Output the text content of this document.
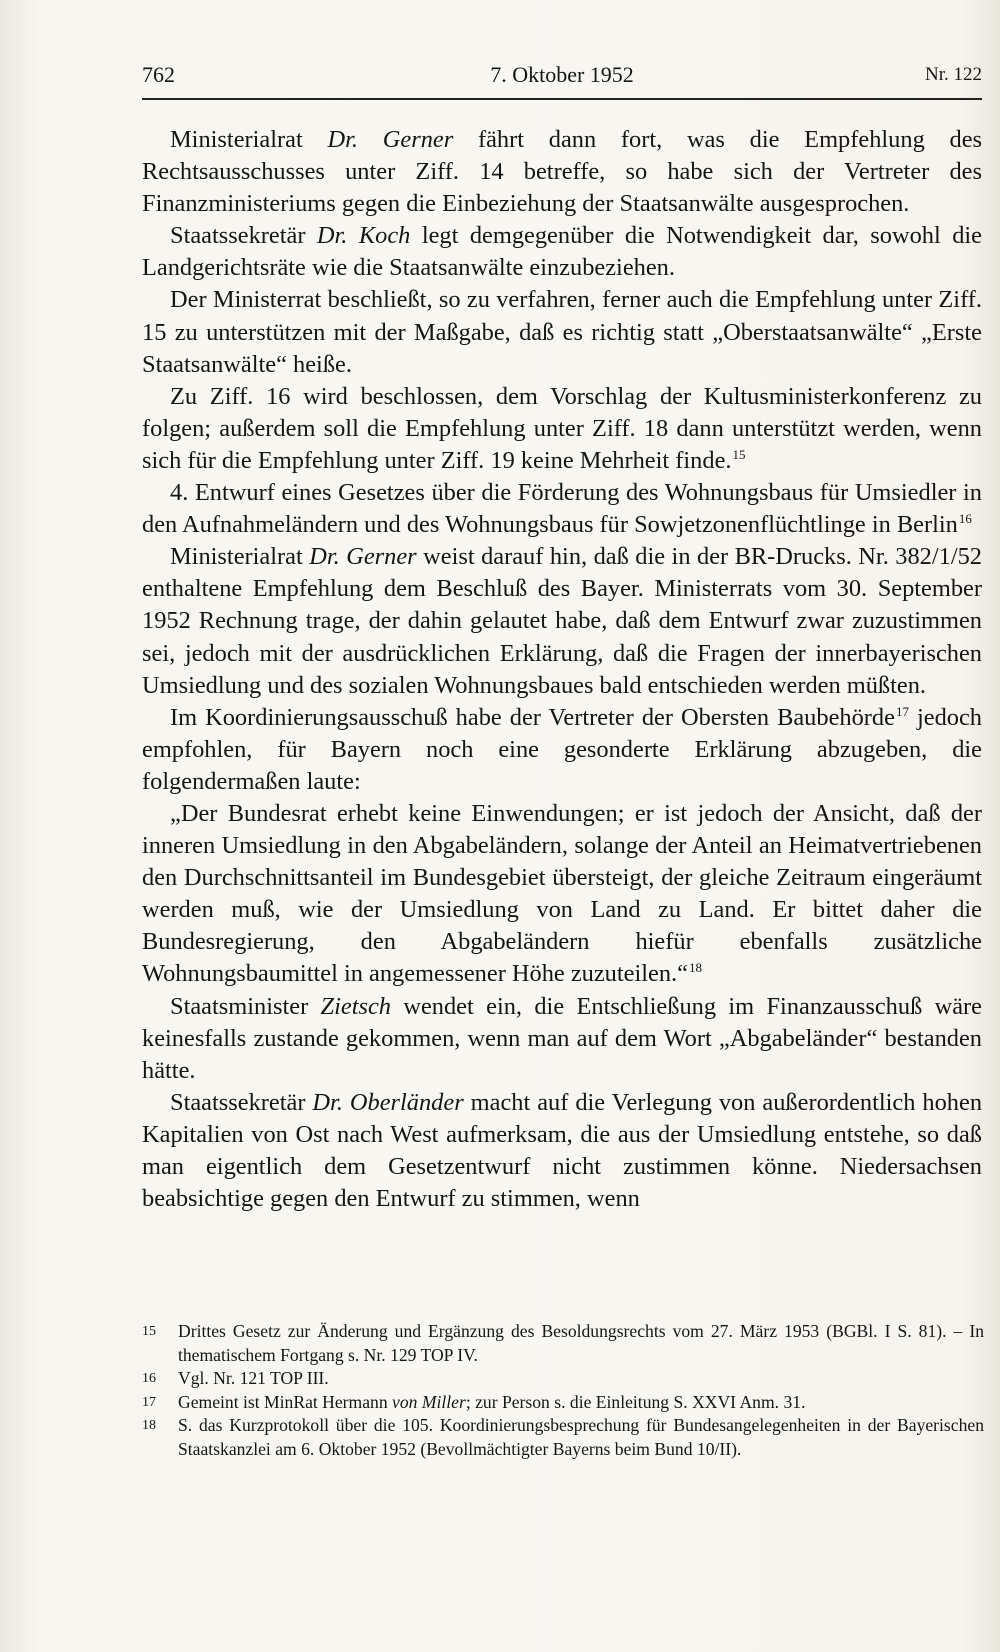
762	7. Oktober 1952	Nr. 122

Ministerialrat Dr. Gerner fährt dann fort, was die Empfehlung des Rechtsausschusses unter Ziff. 14 betreffe, so habe sich der Vertreter des Finanzministeriums gegen die Einbeziehung der Staatsanwälte ausgesprochen.

Staatssekretär Dr. Koch legt demgegenüber die Notwendigkeit dar, sowohl die Landgerichtsräte wie die Staatsanwälte einzubeziehen.

Der Ministerrat beschließt, so zu verfahren, ferner auch die Empfehlung unter Ziff. 15 zu unterstützen mit der Maßgabe, daß es richtig statt „Oberstaatsanwälte“ „Erste Staatsanwälte“ heiße.

Zu Ziff. 16 wird beschlossen, dem Vorschlag der Kultusministerkonferenz zu folgen; außerdem soll die Empfehlung unter Ziff. 18 dann unterstützt werden, wenn sich für die Empfehlung unter Ziff. 19 keine Mehrheit finde.$^{15}$

4. Entwurf eines Gesetzes über die Förderung des Wohnungsbaus für Umsiedler in den Aufnahmeländern und des Wohnungsbaus für Sowjetzonenflüchtlinge in Berlin$^{16}$

Ministerialrat Dr. Gerner weist darauf hin, daß die in der BR-Drucks. Nr. 382/1/52 enthaltene Empfehlung dem Beschluß des Bayer. Ministerrats vom 30. September 1952 Rechnung trage, der dahin gelautet habe, daß dem Entwurf zwar zuzustimmen sei, jedoch mit der ausdrücklichen Erklärung, daß die Fragen der innerbayerischen Umsiedlung und des sozialen Wohnungsbaues bald entschieden werden müßten.

Im Koordinierungsausschuß habe der Vertreter der Obersten Baubehörde$^{17}$ jedoch empfohlen, für Bayern noch eine gesonderte Erklärung abzugeben, die folgendermaßen laute:

„Der Bundesrat erhebt keine Einwendungen; er ist jedoch der Ansicht, daß der inneren Umsiedlung in den Abgabeländern, solange der Anteil an Heimatvertriebenen den Durchschnittsanteil im Bundesgebiet übersteigt, der gleiche Zeitraum eingeräumt werden muß, wie der Umsiedlung von Land zu Land. Er bittet daher die Bundesregierung, den Abgabeländern hiefür ebenfalls zusätzliche Wohnungsbaumittel in angemessener Höhe zuzuteilen.“$^{18}$

Staatsminister Zietsch wendet ein, die Entschließung im Finanzausschuß wäre keinesfalls zustande gekommen, wenn man auf dem Wort „Abgabeländer“ bestanden hätte.

Staatssekretär Dr. Oberländer macht auf die Verlegung von außerordentlich hohen Kapitalien von Ost nach West aufmerksam, die aus der Umsiedlung entstehe, so daß man eigentlich dem Gesetzentwurf nicht zustimmen könne. Niedersachsen beabsichtige gegen den Entwurf zu stimmen, wenn

15 Drittes Gesetz zur Änderung und Ergänzung des Besoldungsrechts vom 27. März 1953 (BGBl. I S. 81). – In thematischem Fortgang s. Nr. 129 TOP IV.
16 Vgl. Nr. 121 TOP III.
17 Gemeint ist MinRat Hermann von Miller; zur Person s. die Einleitung S. XXVI Anm. 31.
18 S. das Kurzprotokoll über die 105. Koordinierungsbesprechung für Bundesangelegenheiten in der Bayerischen Staatskanzlei am 6. Oktober 1952 (Bevollmächtigter Bayerns beim Bund 10/II).
